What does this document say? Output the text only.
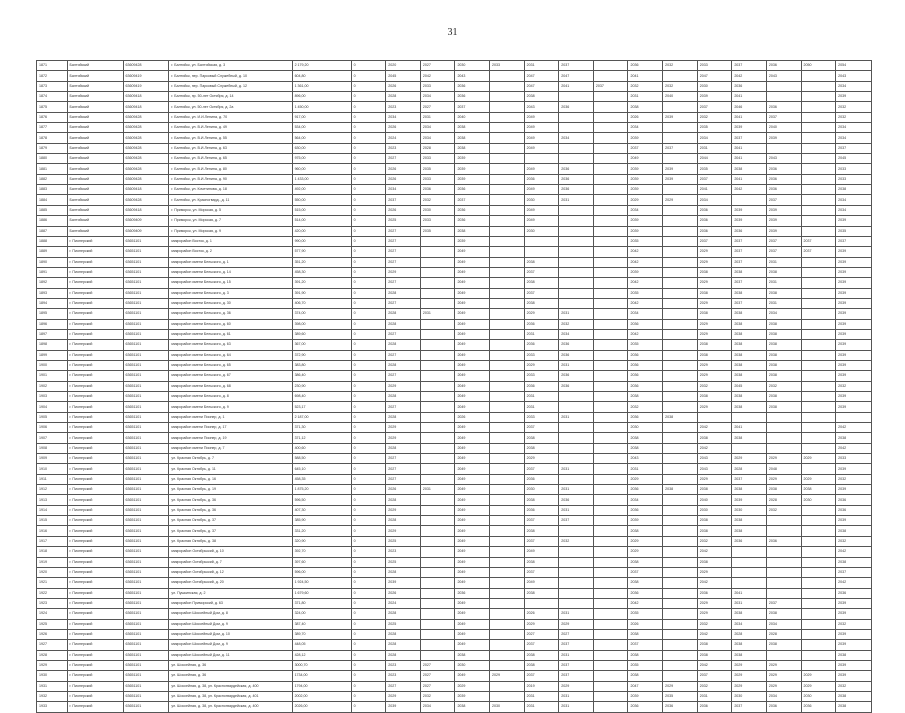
31
1871	Балтийский	63609428	г. Балтийск, ул. Балтийская, д. 3	2 179,20	0	2020	2027	2030	2033	2031	2037		2036	2032	2033	2037	2036	2050	2054
1872	Балтийский	63609419	г. Балтийск, пер. Парковый Служебный, д. 10	604,80	0	2045	2042	2043		2047	2047		2041		2047	2042	2043		2043
1873	Балтийский	63609419	г. Балтийск, пер. Парковый Служебный, д. 12	1 361,00	0	2026	2033	2036		2047	2041	2037	2032	2032	2030	2036			2034
1874	Балтийский	63609418	г. Балтийск, пр. 50-лет Октября, д. 14	896,00	0	2028	2034	2036		2038			2031	2040	2039	2041			2039
1875	Балтийский	63609418	г. Балтийск, ул. 50-лет Октября, д. 2а	1 450,00	0	2023	2027	2037		2043	2036		2038		2037	2046	2036		2032
1876	Балтийский	63609428	г. Балтийск, ул. И.И.Ленина, д. 70	917,00	0	2034	2031	2040		2049			2026	2039	2032	2041	2037		2032
1877	Балтийский	63609428	г. Балтийск, ул. В.И.Ленина, д. 49	534,00	0	2026	2034	2038		2049			2034		2035	2039	2040		2034
1878	Балтийский	63609428	г. Балтийск, ул. В.И.Ленина, д. 55	564,00	0	2024	2034	2038		2049	2034		2039		2034	2037	2039		2034
1879	Балтийский	63609428	г. Балтийск, ул. В.И.Ленина, д. 63	630,00	0	2023	2028	2038		2049			2037	2037	2031	2041			2037
1880	Балтийский	63609428	г. Балтийск, ул. В.И.Ленина, д. 65	975,00	0	2027	2033	2039					2049		2044	2041	2043		2045
1881	Балтийский	63609428	г. Балтийск, ул. В.И.Ленина, д. 80	960,00	0	2026	2035	2039		2049	2036		2039	2039	2035	2038	2036		2033
1882	Балтийский	63609428	г. Балтийск, ул. В.И.Ленина, д. 90	1 433,00	0	2026	2033	2039		2036	2036		2039	2039	2037	2041	2036		2033
1883	Балтийский	63609418	г. Балтийск, ул. Кочетинова, д. 18	492,00	0	2034	2036	2036		2049	2036		2039		2041	2042	2036		2038
1884	Балтийский	63609428	г. Балтийск, ул. Красногвард., д. 11	550,00	0	2037	2032	2037		2030	2031		2029	2029	2034		2037		2034
1885	Балтийский	63609418	г. Приморск, ул. Морская, д. 5	515,00	0	2026	2030	2036		2049			2034		2036	2039	2039		2034
1886	Балтийский	63609409	г. Приморск, ул. Морская, д. 7	514,00	0	2025	2033	2036		2049			2039		2036	2039	2039		2039
1887	Балтийский	63609409	г. Приморск, ул. Морская, д. 9	420,00	0	2027	2035	2038		2030			2039		2036	2036	2039		2035
1888	г. Пионерский	63651101	микрорайон Восток, д. 1	990,00	0	2027		2039					2035		2037	2037	2037	2037	2037
1889	г. Пионерский	63651101	микрорайон Восток, д. 2	577,90	0	2027		2049					2042		2029	2037	2037	2037	2039
1890	г. Пионерский	63651101	микрорайон имени Бельского, д. 1	351,20	0	2027		2049		2038			2042		2029	2037	2031		2039
1891	г. Пионерский	63651101	микрорайон имени Бельского, д. 14	458,30	0	2029		2049		2037			2039		2038	2038	2038		2039
1892	г. Пионерский	63651101	микрорайон имени Бельского, д. 15	391,20	0	2027		2049		2038			2042		2029	2037	2031		2039
1893	г. Пионерский	63651101	микрорайон имени Бельского, д. 3	391,90	0	2028		2049		2037			2035		2038	2038	2038		2039
1894	г. Пионерский	63651101	микрорайон имени Бельского, д. 30	406,70	0	2027		2049		2038			2042		2029	2037	2031		2039
1895	г. Пионерский	63651101	микрорайон имени Бельского, д. 36	374,00	0	2028	2031	2049		2029	2031		2034		2038	2038	2034		2039
1896	г. Пионерский	63651101	микрорайон имени Бельского, д. 60	398,00	0	2028		2049		2036	2032		2036		2029	2038	2038		2039
1897	г. Пионерский	63651101	микрорайон имени Бельского, д. 61	389,60	0	2027		2049		2031	2034		2042		2029	2038	2038		2039
1898	г. Пионерский	63651101	микрорайон имени Бельского, д. 63	367,00	0	2028		2049		2036	2036		2035		2038	2038	2038		2039
1899	г. Пионерский	63651101	микрорайон имени Бельского, д. 64	372,90	0	2027		2049		2033	2036		2036		2038	2038	2038		2039
1900	г. Пионерский	63651101	микрорайон имени Бельского, д. 65	383,80	0	2028		2049		2029	2031		2036		2029	2038	2038		2039
1901	г. Пионерский	63651101	микрорайон имени Бельского, д. 67	386,40	0	2027		2049		2033	2036		2036		2029	2038	2038		2039
1902	г. Пионерский	63651101	микрорайон имени Бельского, д. 68	230,90	0	2029		2049		2036	2036		2036		2032	2045	2032		2032
1903	г. Пионерский	63651101	микрорайон имени Бельского, д. 8	698,40	0	2028		2049		2031			2038		2038	2038	2038		2039
1904	г. Пионерский	63651101	микрорайон имени Бельского, д. 9	523,17	0	2027		2049		2031			2032		2029	2038	2038		2039
1905	г. Пионерский	63651101	микрорайон имени Пионер, д. 1	2 187,00	0	2028		2026		2033	2031		2036	2038					
1906	г. Пионерский	63651101	микрорайон имени Пионер, д. 17	371,30	0	2029		2049		2037			2030		2042	2041			2042
1907	г. Пионерский	63651101	микрорайон имени Пионер, д. 19	371,12	0	2029		2049		2038			2038		2038	2038			2038
1908	г. Пионерский	63651101	микрорайон имени Пионер, д. 7	400,60	0	2028		2049		2038			2038		2042				2042
1909	г. Пионерский	63651101	ул. Красная Октябрь, д. 7	588,50	0	2027		2049		2029			2043		2043	2029	2029	2029	2033
1910	г. Пионерский	63651101	ул. Красная Октябрь, д. 11	645,10	0	2027		2049		2037	2031		2031		2043	2028	2048		2039
1911	г. Пионерский	63651101	ул. Красная Октябрь, д. 16	458,35	0	2027		2049		2036			2029		2029	2037	2029	2029	2032
1912	г. Пионерский	63651101	ул. Красная Октябрь, д. 19	1 875,20	0	2026	2031	2049		2030	2031		2036	2038	2038	2038	2038	2038	2039
1913	г. Пионерский	63651101	ул. Красная Октябрь, д. 36	596,50	0	2028		2049		2038	2036		2034		2040	2039	2028	2030	2036
1914	г. Пионерский	63651101	ул. Красная Октябрь, д. 36	407,30	0	2029		2049		2036	2031		2036		2030	2030	2032		2036
1915	г. Пионерский	63651101	ул. Красная Октябрь, д. 37	385,90	0	2028		2049		2037	2037		2039		2038	2038			2039
1916	г. Пионерский	63651101	ул. Красная Октябрь, д. 37	331,20	0	2029		2049		2038			2038		2038	2038			2038
1917	г. Пионерский	63651101	ул. Красная Октябрь, д. 38	320,90	0	2025		2049		2037	2032		2029		2032	2036	2036		2032
1918	г. Пионерский	63651101	микрорайон Октябрьский, д. 10	392,70	0	2023		2049		2049			2029		2042				2042
1919	г. Пионерский	63651101	микрорайон Октябрьский, д. 7	397,60	0	2025		2049		2038			2038		2038				2038
1920	г. Пионерский	63651101	микрорайон Октябрьский, д. 12	596,00	0	2028		2049		2037			2037		2029				2037
1921	г. Пионерский	63651101	микрорайон Октябрьский, д. 20	1 924,50	0	2039		2049		2049			2038		2042				2042
1922	г. Пионерский	63651101	ул. Пушкинская, д. 2	1 679,60	0	2026		2036		2038			2036		2036	2041			2036
1923	г. Пионерский	63651101	микрорайон Приморский, д. 63	371,80	0	2024		2049					2042		2029	2031	2037		2039
1924	г. Пионерский	63651101	микрорайон Шоссейный Дом, д. 8	324,00	0	2028		2049		2026	2031		2035		2029	2038	2038		2039
1925	г. Пионерский	63651101	микрорайон Шоссейный Дом, д. 9	387,40	0	2025		2049		2029	2029		2026		2032	2034	2034		2032
1926	г. Пионерский	63651101	микрорайон Шоссейный Дом, д. 10	389,70	0	2028		2049		2027	2027		2038		2042	2028	2028		2039
1927	г. Пионерский	63651101	микрорайон Шоссейный Дом, д. 9	448,05	0	2028		2049		2037	2037		2037		2038	2038	2038		2039
1928	г. Пионерский	63651101	микрорайон Шоссейный Дом, д. 11	428,12	0	2028		2038		2038	2031		2038		2038	2038			2038
1929	г. Пионерский	63651101	ул. Шоссейная, д. 36	3000,70	0	2023	2027	2030		2038	2037		2035		2042	2029	2029		2039
1930	г. Пионерский	63651101	ул. Шоссейная, д. 36	1734,00	0	2023	2027	2049	2029	2037	2037		2038		2037	2029	2029	2029	2039
1931	г. Пионерский	63651101	ул. Шоссейная, д. 38, ул. Красногвардейская, д. 400	1794,00	0	2027	2027	2029		2019	2029		2047	2029	2032	2029	2029	2029	2032
1932	г. Пионерский	63651101	ул. Шоссейная, д. 38, ул. Красногвардейская, д. 401	2002,00	0	2029	2032	2039		2031	2031		2039	2035	2031	2030	2034	2030	2038
1933	г. Пионерский	63651101	ул. Шоссейная, д. 38, ул. Красногвардейская, д. 400	2026,00	0	2039	2034	2038	2030	2031	2031		2036	2036	2036	2037	2036	2036	2038
